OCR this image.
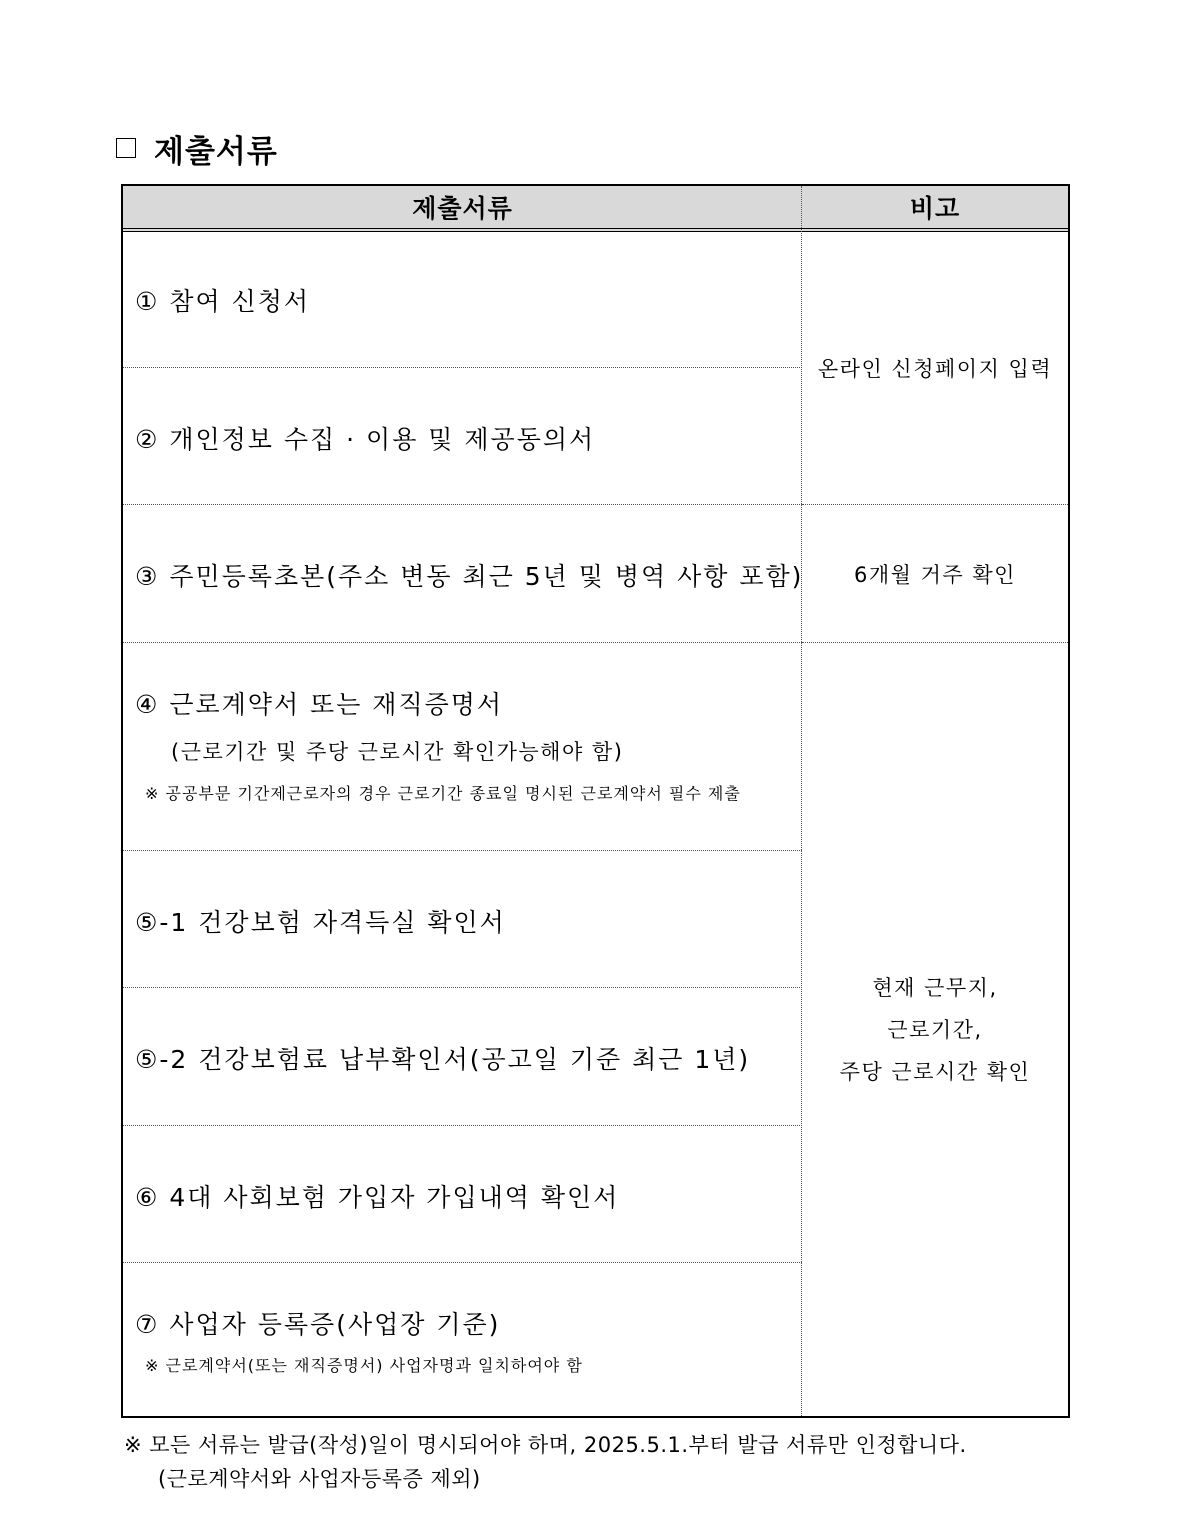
제출서류
제출서류	비고
① 참여 신청서
② 개인정보 수집 · 이용 및 제공동의서
③ 주민등록초본(주소 변동 최근 5년 및 병역 사항 포함)
④ 근로계약서 또는 재직증명서
(근로기간 및 주당 근로시간 확인가능해야 함)
※ 공공부문 기간제근로자의 경우 근로기간 종료일 명시된 근로계약서 필수 제출
⑤-1 건강보험 자격득실 확인서
⑤-2 건강보험료 납부확인서(공고일 기준 최근 1년)
⑥ 4대 사회보험 가입자 가입내역 확인서
⑦ 사업자 등록증(사업장 기준)
※ 근로계약서(또는 재직증명서) 사업자명과 일치하여야 함
온라인 신청페이지 입력
6개월 거주 확인
현재 근무지,
근로기간,
주당 근로시간 확인
※ 모든 서류는 발급(작성)일이 명시되어야 하며, 2025.5.1.부터 발급 서류만 인정합니다.
(근로계약서와 사업자등록증 제외)
